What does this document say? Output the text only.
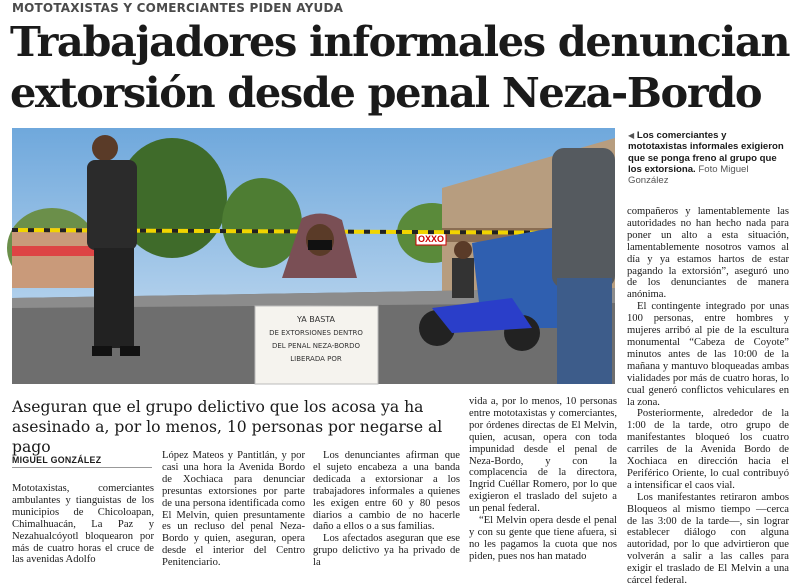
MOTOTAXISTAS Y COMERCIANTES PIDEN AYUDA
Trabajadores informales denuncian
extorsión desde penal Neza-Bordo
OXXO
YA BASTA
DE EXTORSIONES DENTRO
DEL PENAL NEZA-BORDO
LIBERADA POR
◀ Los comerciantes y mototaxistas informales exigieron que se ponga freno al grupo que los extorsiona. Foto Miguel González
Aseguran que el grupo delictivo que los acosa ya ha asesinado a, por lo menos, 10 personas por negarse al pago
MIGUEL GONZÁLEZ

Mototaxistas, comerciantes ambulantes y tianguistas de los municipios de Chicoloapan, Chimalhuacán, La Paz y Nezahualcóyotl bloquearon por más de cuatro horas el cruce de las avenidas Adolfo

López Mateos y Pantitlán, y por casi una hora la Avenida Bordo de Xochiaca para denunciar presuntas extorsiones por parte de una persona identificada como El Melvin, quien presuntamente es un recluso del penal Neza-Bordo y quien, aseguran, opera desde el interior del Centro Penitenciario.

Los denunciantes afirman que el sujeto encabeza a una banda dedicada a extorsionar a los trabajadores informales a quienes les exigen entre 60 y 80 pesos diarios a cambio de no hacerle daño a ellos o a sus familias.

Los afectados aseguran que ese grupo delictivo ya ha privado de la

vida a, por lo menos, 10 personas entre mototaxistas y comerciantes, por órdenes directas de El Melvin, quien, acusan, opera con toda impunidad desde el penal de Neza-Bordo, y con la complacencia de la directora, Ingrid Cuéllar Romero, por lo que exigieron el traslado del sujeto a un penal federal.

“El Melvin opera desde el penal y con su gente que tiene afuera, si no les pagamos la cuota que nos piden, pues nos han matado

compañeros y lamentablemente las autoridades no han hecho nada para poner un alto a esta situación, lamentablemente nosotros vamos al día y ya estamos hartos de estar pagando la extorsión”, aseguró uno de los denunciantes de manera anónima.

El contingente integrado por unas 100 personas, entre hombres y mujeres arribó al pie de la escultura monumental “Cabeza de Coyote” minutos antes de las 10:00 de la mañana y mantuvo bloqueadas ambas vialidades por más de cuatro horas, lo cual generó conflictos vehiculares en la zona.

Posteriormente, alrededor de la 1:00 de la tarde, otro grupo de manifestantes bloqueó los cuatro carriles de la Avenida Bordo de Xochiaca en dirección hacia el Periférico Oriente, lo cual contribuyó a intensificar el caos vial.

Los manifestantes retiraron ambos Bloqueos al mismo tiempo —cerca de las 3:00 de la tarde—, sin lograr establecer diálogo con alguna autoridad, por lo que advirtieron que volverán a salir a las calles para exigir el traslado de El Melvin a una cárcel federal.
